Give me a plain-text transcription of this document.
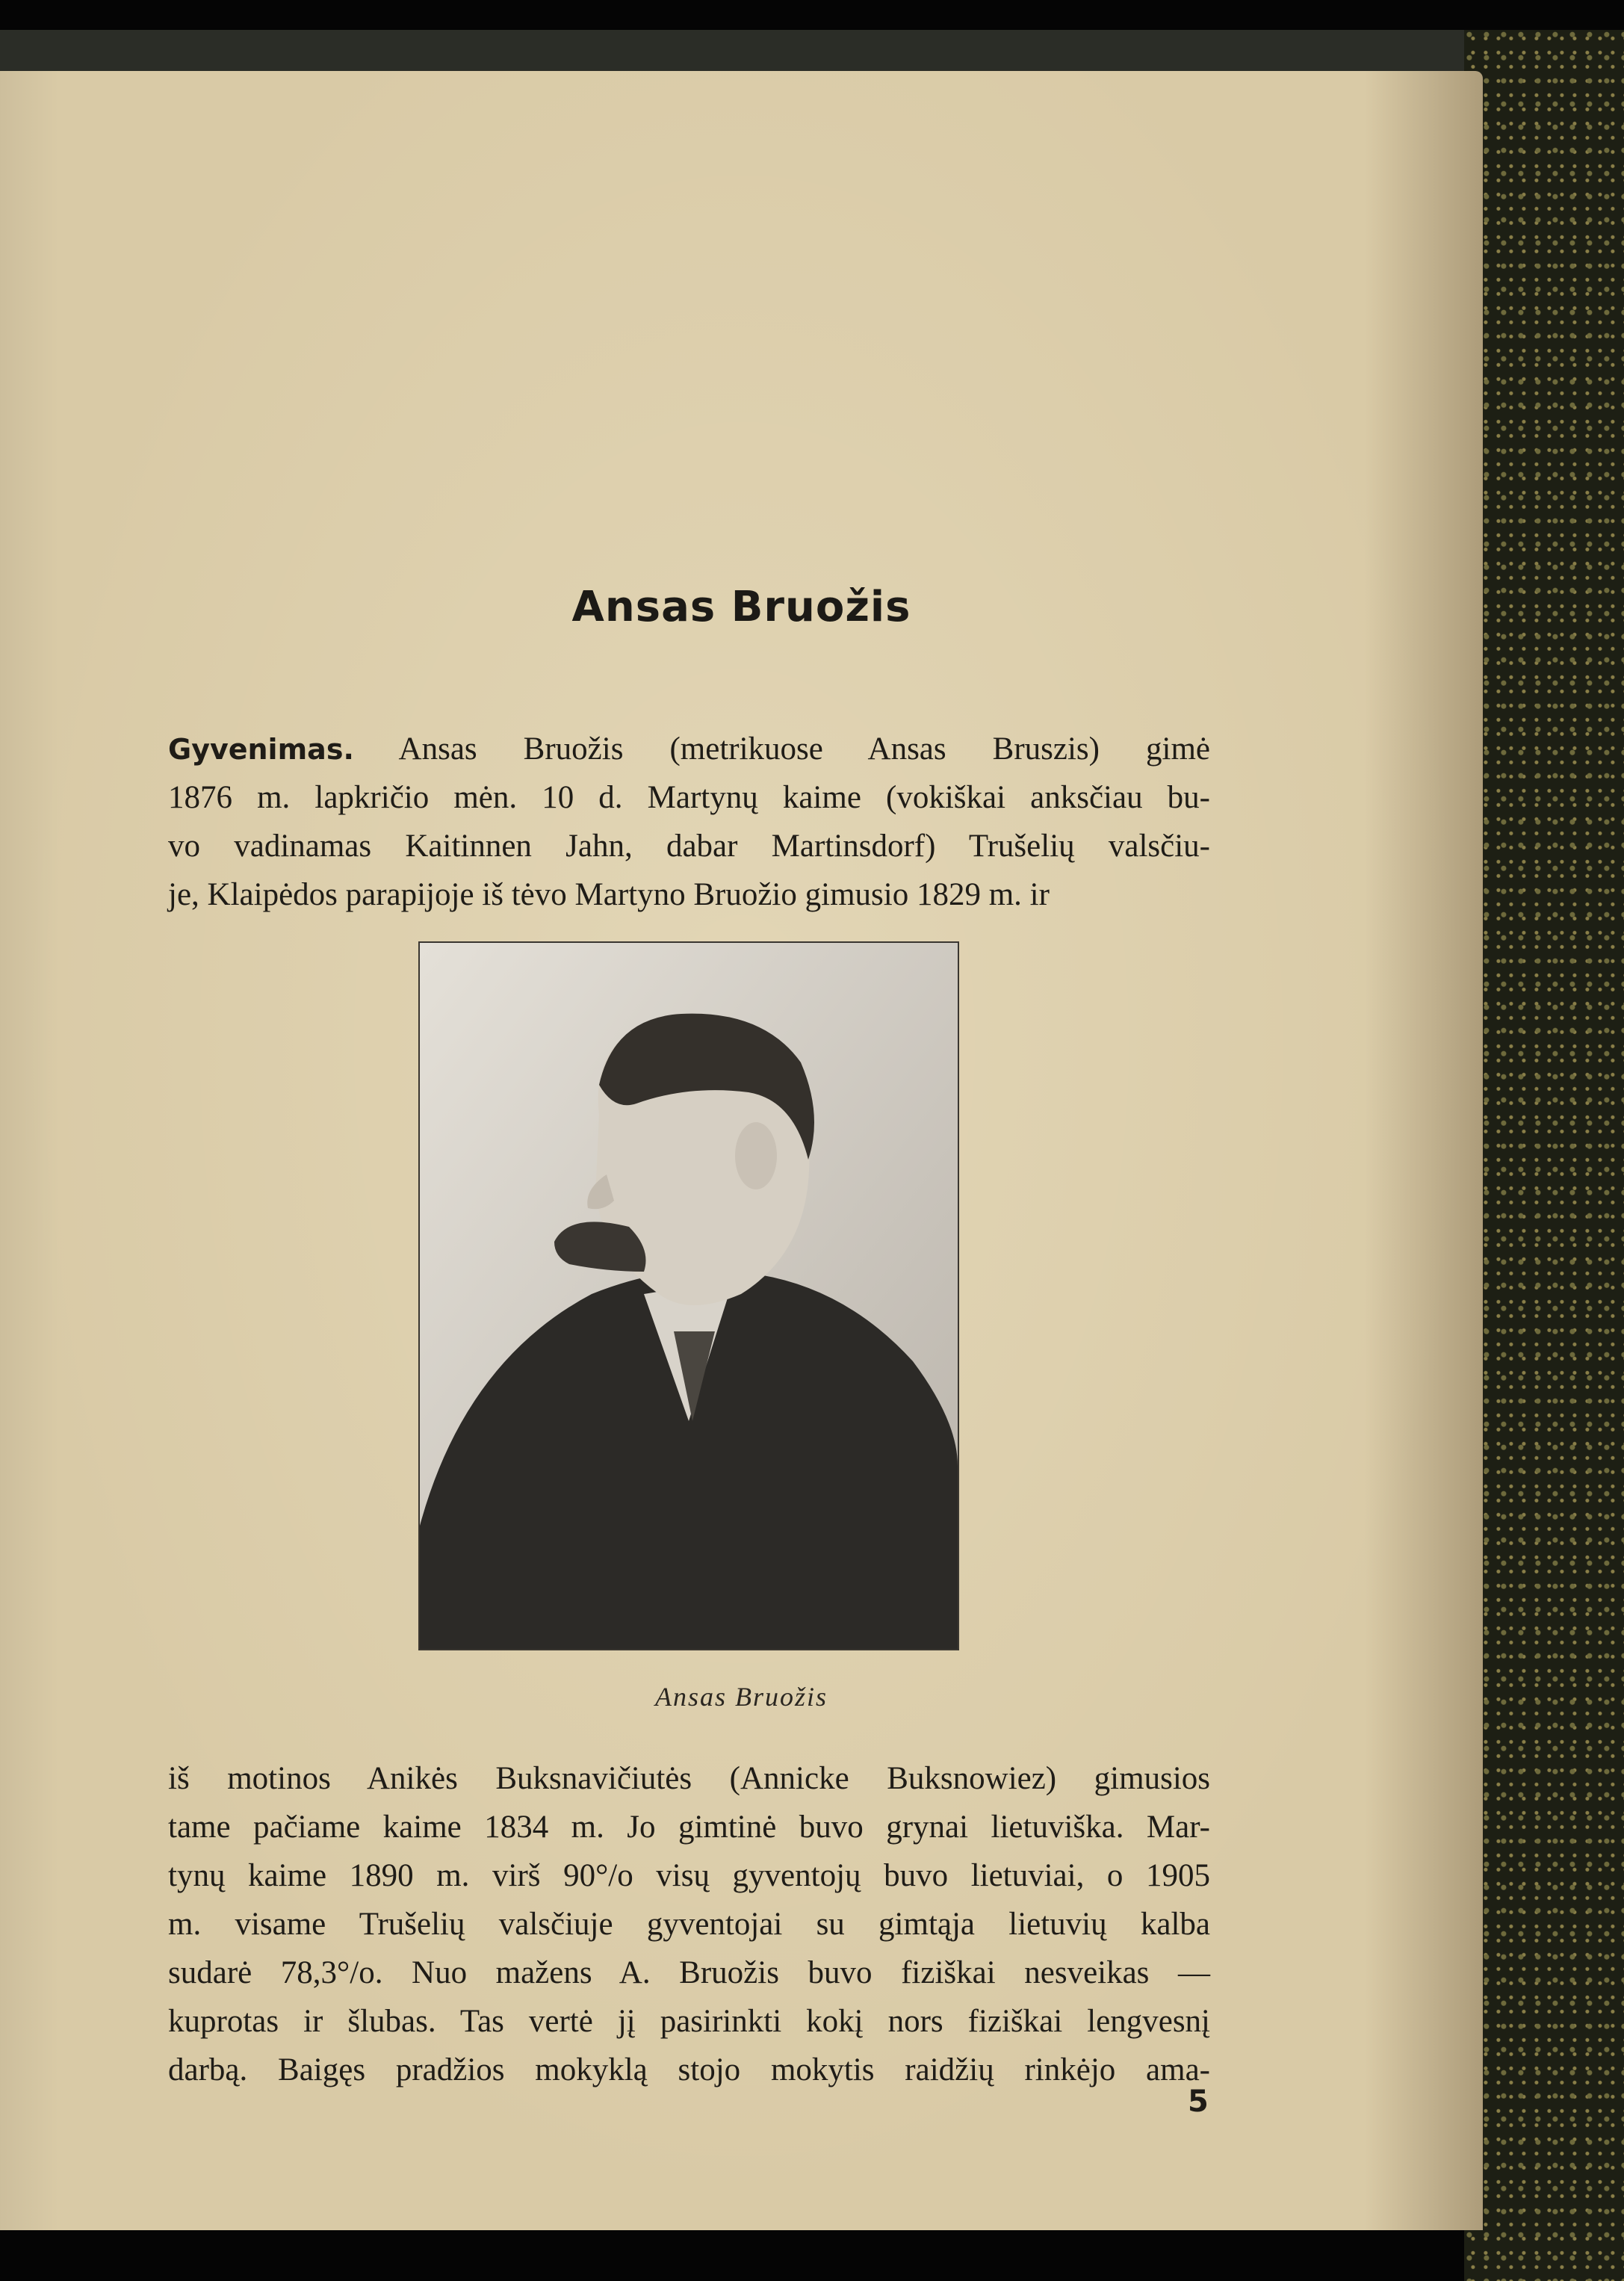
Ansas Bruožis
Gyvenimas. Ansas Bruožis (metrikuose Ansas Bruszis) gimė
1876 m. lapkričio mėn. 10 d. Martynų kaime (vokiškai anksčiau bu-
vo vadinamas Kaitinnen Jahn, dabar Martinsdorf) Trušelių valsčiu-
je, Klaipėdos parapijoje iš tėvo Martyno Bruožio gimusio 1829 m. ir
Ansas Bruožis
iš motinos Anikės Buksnavičiutės (Annicke Buksnowiez) gimusios
tame pačiame kaime 1834 m. Jo gimtinė buvo grynai lietuviška. Mar-
tynų kaime 1890 m. virš 90°/o visų gyventojų buvo lietuviai, o 1905
m. visame Trušelių valsčiuje gyventojai su gimtąja lietuvių kalba
sudarė 78,3°/o. Nuo mažens A. Bruožis buvo fiziškai nesveikas —
kuprotas ir šlubas. Tas vertė jį pasirinkti kokį nors fiziškai lengvesnį
darbą. Baigęs pradžios mokyklą stojo mokytis raidžių rinkėjo ama-
5
